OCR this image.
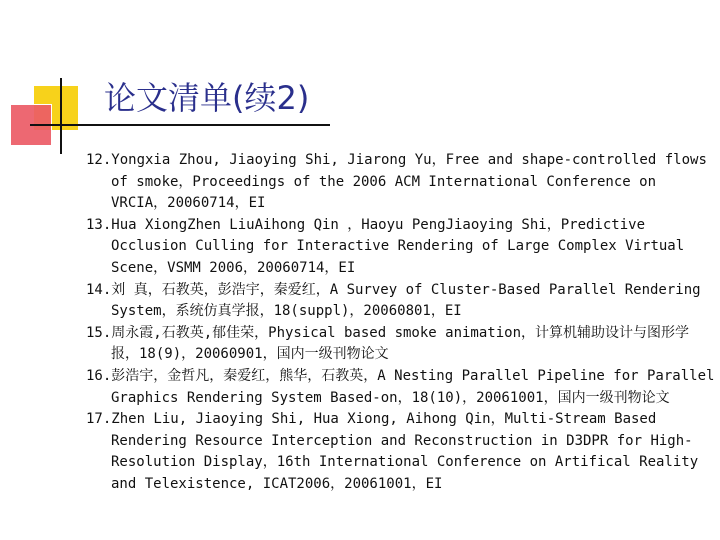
论文清单(续2)
12.Yongxia Zhou, Jiaoying Shi, Jiarong Yu，Free and shape-controlled flows of smoke，Proceedings of the 2006 ACM International Conference on VRCIA，20060714，EI
13.Hua XiongZhen LiuAihong Qin ，Haoyu PengJiaoying Shi，Predictive Occlusion Culling for Interactive Rendering of Large Complex Virtual Scene，VSMM 2006，20060714，EI
14.刘 真，石教英，彭浩宇，秦爱红，A Survey of Cluster-Based Parallel Rendering System，系统仿真学报，18(suppl)，20060801，EI
15.周永霞,石教英,郁佳荣，Physical based smoke animation，计算机辅助设计与图形学报，18(9)，20060901，国内一级刊物论文
16.彭浩宇，金哲凡，秦爱红，熊华，石教英，A Nesting Parallel Pipeline for Parallel Graphics Rendering System Based-on，18(10)，20061001，国内一级刊物论文
17.Zhen Liu, Jiaoying Shi, Hua Xiong, Aihong Qin，Multi-Stream Based Rendering Resource Interception and Reconstruction in D3DPR for High-Resolution Display，16th International Conference on Artifical Reality and Telexistence, ICAT2006，20061001，EI
